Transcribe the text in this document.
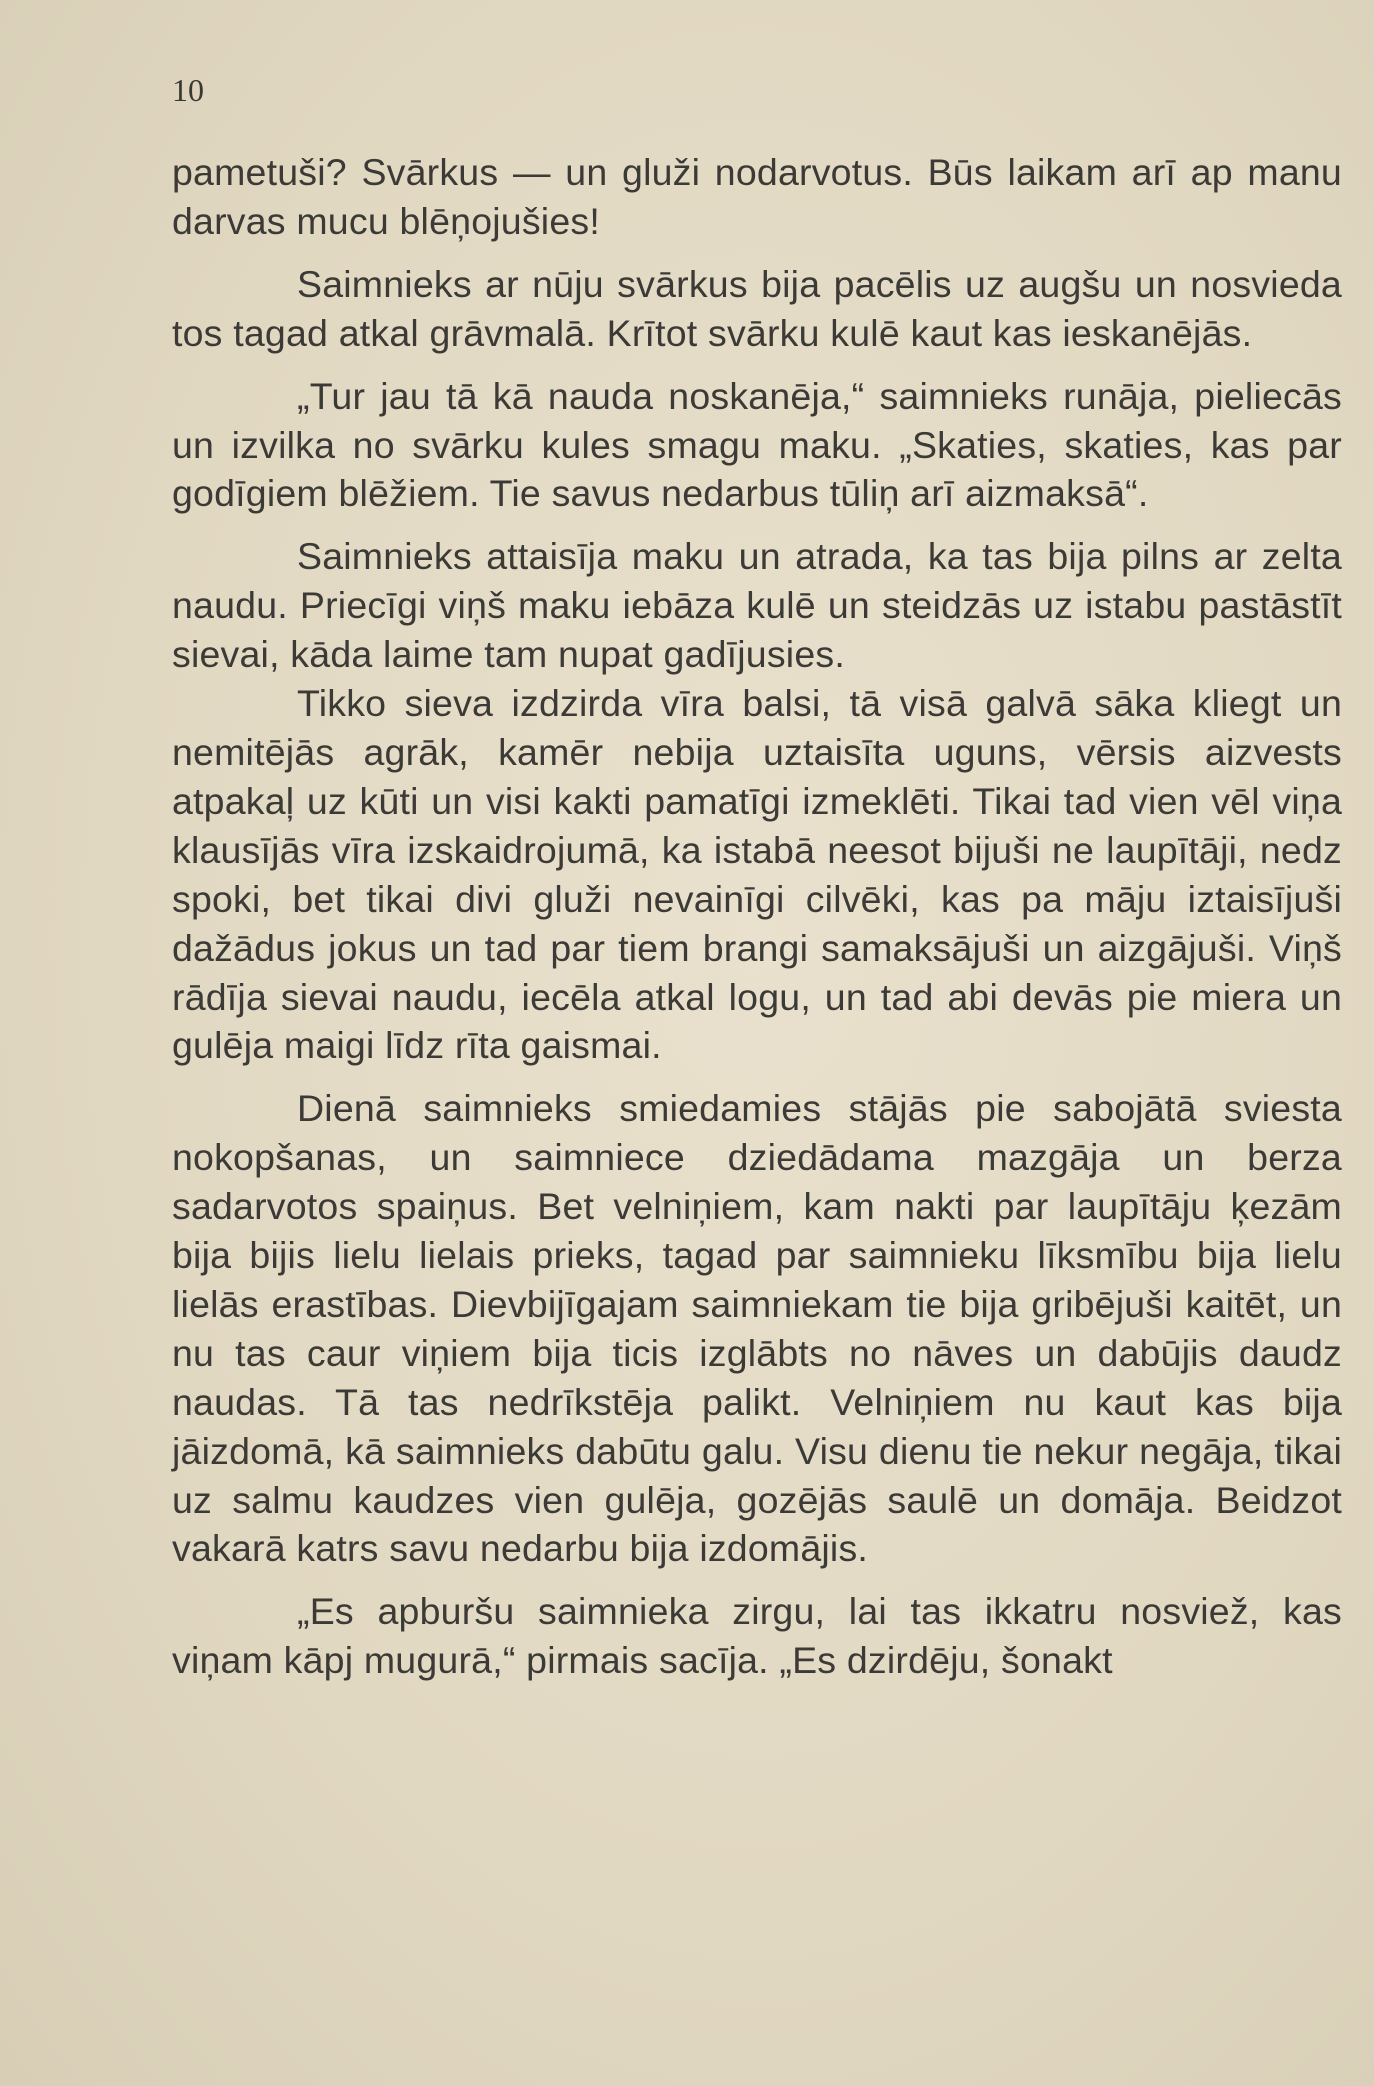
10

pametuši? Svārkus — un gluži nodarvotus. Būs laikam arī ap manu darvas mucu blēņojušies!

Saimnieks ar nūju svārkus bija pacēlis uz augšu un nosvieda tos tagad atkal grāvmalā. Krītot svārku kulē kaut kas ieskanējās.

„Tur jau tā kā nauda noskanēja,“ saimnieks runāja, pieliecās un izvilka no svārku kules smagu maku. „Skaties, skaties, kas par godīgiem blēžiem. Tie savus nedarbus tūliņ arī aizmaksā“.

Saimnieks attaisīja maku un atrada, ka tas bija pilns ar zelta naudu. Priecīgi viņš maku iebāza kulē un steidzās uz istabu pastāstīt sievai, kāda laime tam nupat gadījusies.

Tikko sieva izdzirda vīra balsi, tā visā galvā sāka kliegt un nemitējās agrāk, kamēr nebija uztaisīta uguns, vērsis aizvests atpakaļ uz kūti un visi kakti pamatīgi izmeklēti. Tikai tad vien vēl viņa klausījās vīra izskaidrojumā, ka istabā neesot bijuši ne laupītāji, nedz spoki, bet tikai divi gluži nevainīgi cilvēki, kas pa māju iztaisījuši dažādus jokus un tad par tiem brangi samaksājuši un aizgājuši. Viņš rādīja sievai naudu, iecēla atkal logu, un tad abi devās pie miera un gulēja maigi līdz rīta gaismai.

Dienā saimnieks smiedamies stājās pie sabojātā sviesta nokopšanas, un saimniece dziedādama mazgāja un berza sadarvotos spaiņus. Bet velniņiem, kam nakti par laupītāju ķezām bija bijis lielu lielais prieks, tagad par saimnieku līksmību bija lielu lielās erastības. Dievbijīgajam saimniekam tie bija gribējuši kaitēt, un nu tas caur viņiem bija ticis izglābts no nāves un dabūjis daudz naudas. Tā tas nedrīkstēja palikt. Velniņiem nu kaut kas bija jāizdomā, kā saimnieks dabūtu galu. Visu dienu tie nekur negāja, tikai uz salmu kaudzes vien gulēja, gozējās saulē un domāja. Beidzot vakarā katrs savu nedarbu bija izdomājis.

„Es apburšu saimnieka zirgu, lai tas ikkatru nosviež, kas viņam kāpj mugurā,“ pirmais sacīja. „Es dzirdēju, šonakt
